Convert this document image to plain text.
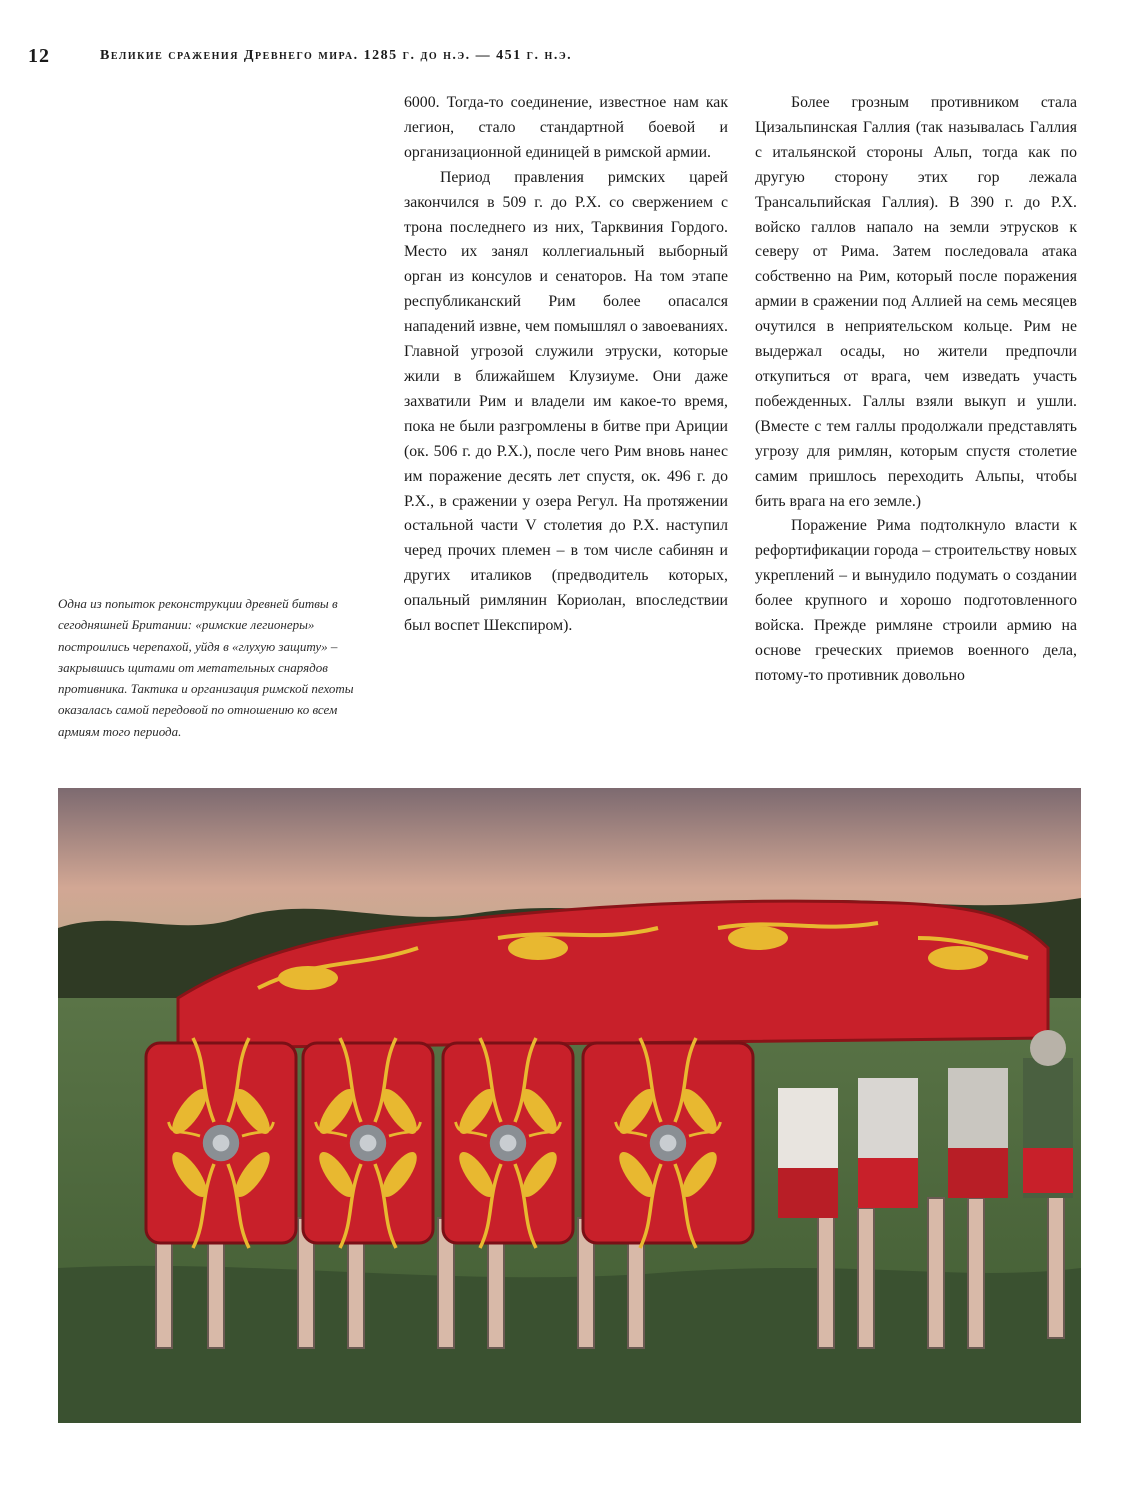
12	Великие сражения Древнего мира. 1285 г. до н.э. — 451 г. н.э.
Одна из попыток реконструкции древней битвы в сегодняшней Британии: «римские легионеры» построились черепахой, уйдя в «глухую защиту» – закрывшись щитами от метательных снарядов противника. Тактика и организация римской пехоты оказалась самой передовой по отношению ко всем армиям того периода.

6000. Тогда-то соединение, известное нам как легион, стало стандартной боевой и организационной единицей в римской армии.

Период правления римских царей закончился в 509 г. до Р.Х. со свержением с трона последнего из них, Тарквиния Гордого. Место их занял коллегиальный выборный орган из консулов и сенаторов. На том этапе республиканский Рим более опасался нападений извне, чем помышлял о завоеваниях. Главной угрозой служили этруски, которые жили в ближайшем Клузиуме. Они даже захватили Рим и владели им какое-то время, пока не были разгромлены в битве при Ариции (ок. 506 г. до Р.Х.), после чего Рим вновь нанес им поражение десять лет спустя, ок. 496 г. до Р.Х., в сражении у озера Регул. На протяжении остальной части V столетия до Р.Х. наступил черед прочих племен – в том числе сабинян и других италиков (предводитель которых, опальный римлянин Кориолан, впоследствии был воспет Шекспиром).

Более грозным противником стала Цизальпинская Галлия (так называлась Галлия с итальянской стороны Альп, тогда как по другую сторону этих гор лежала Трансальпийская Галлия). В 390 г. до Р.Х. войско галлов напало на земли этрусков к северу от Рима. Затем последовала атака собственно на Рим, который после поражения армии в сражении под Аллией на семь месяцев очутился в неприятельском кольце. Рим не выдержал осады, но жители предпочли откупиться от врага, чем изведать участь побежденных. Галлы взяли выкуп и ушли. (Вместе с тем галлы продолжали представлять угрозу для римлян, которым спустя столетие самим пришлось переходить Альпы, чтобы бить врага на его земле.)

Поражение Рима подтолкнуло власти к рефортификации города – строительству новых укреплений – и вынудило подумать о создании более крупного и хорошо подготовленного войска. Прежде римляне строили армию на основе греческих приемов военного дела, потому-то противник довольно
